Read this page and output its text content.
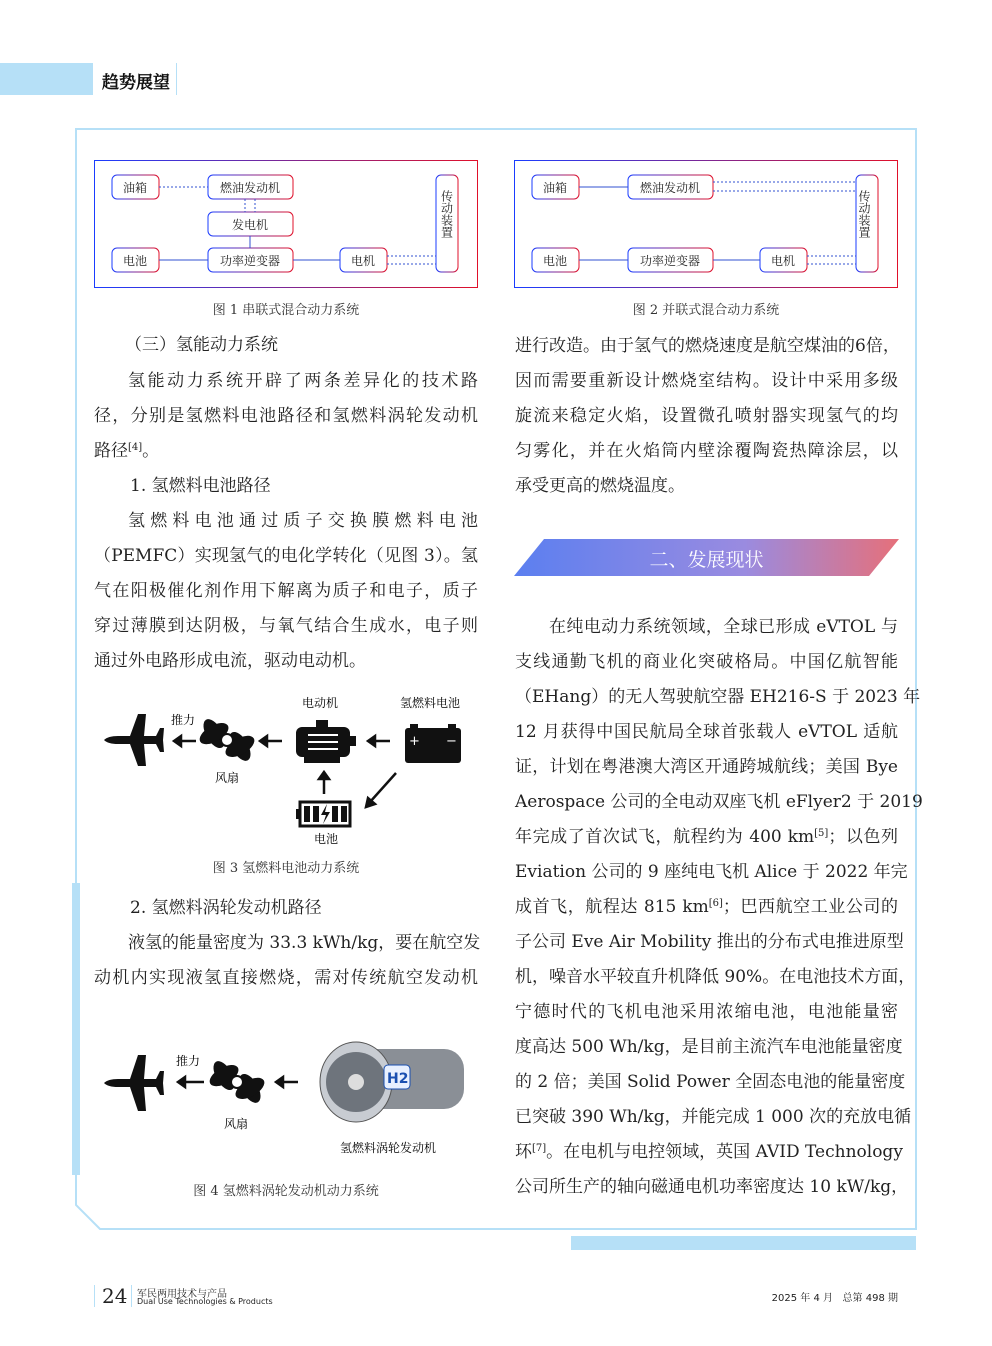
趋势展望
油箱	燃油发动机
发电机
电池	功率逆变器	电机
传动装置
图 1 串联式混合动力系统
油箱	燃油发动机
电池	功率逆变器	电机
传动装置
图 2 并联式混合动力系统
推力
风扇
电动机	氢燃料电池
+ −
电池
图 3 氢燃料电池动力系统
推力
风扇
H2
氢燃料涡轮发动机
图 4 氢燃料涡轮发动机动力系统
二、发展现状
（三）氢能动力系统
氢能动力系统开辟了两条差异化的技术路
径，分别是氢燃料电池路径和氢燃料涡轮发动机
路径[4]。
1. 氢燃料电池路径
氢燃料电池通过质子交换膜燃料电池
（PEMFC）实现氢气的电化学转化（见图 3）。氢
气在阳极催化剂作用下解离为质子和电子，质子
穿过薄膜到达阴极，与氧气结合生成水，电子则
通过外电路形成电流，驱动电动机。
2. 氢燃料涡轮发动机路径
液氢的能量密度为 33.3 kWh/kg，要在航空发
动机内实现液氢直接燃烧，需对传统航空发动机
进行改造。由于氢气的燃烧速度是航空煤油的6倍，
因而需要重新设计燃烧室结构。设计中采用多级
旋流来稳定火焰，设置微孔喷射器实现氢气的均
匀雾化，并在火焰筒内壁涂覆陶瓷热障涂层，以
承受更高的燃烧温度。
在纯电动力系统领域，全球已形成 eVTOL 与
支线通勤飞机的商业化突破格局。中国亿航智能
（EHang）的无人驾驶航空器 EH216-S 于 2023 年
12 月获得中国民航局全球首张载人 eVTOL 适航
证，计划在粤港澳大湾区开通跨城航线；美国 Bye
Aerospace 公司的全电动双座飞机 eFlyer2 于 2019
年完成了首次试飞，航程约为 400 km[5]；以色列
Eviation 公司的 9 座纯电飞机 Alice 于 2022 年完
成首飞，航程达 815 km[6]；巴西航空工业公司的
子公司 Eve Air Mobility 推出的分布式电推进原型
机，噪音水平较直升机降低 90%。在电池技术方面，
宁德时代的飞机电池采用浓缩电池，电池能量密
度高达 500 Wh/kg，是目前主流汽车电池能量密度
的 2 倍；美国 Solid Power 全固态电池的能量密度
已突破 390 Wh/kg，并能完成 1 000 次的充放电循
环[7]。在电机与电控领域，英国 AVID Technology
公司所生产的轴向磁通电机功率密度达 10 kW/kg，
24 军民两用技术与产品
Dual Use Technologies & Products	2025 年 4 月   总第 498 期
